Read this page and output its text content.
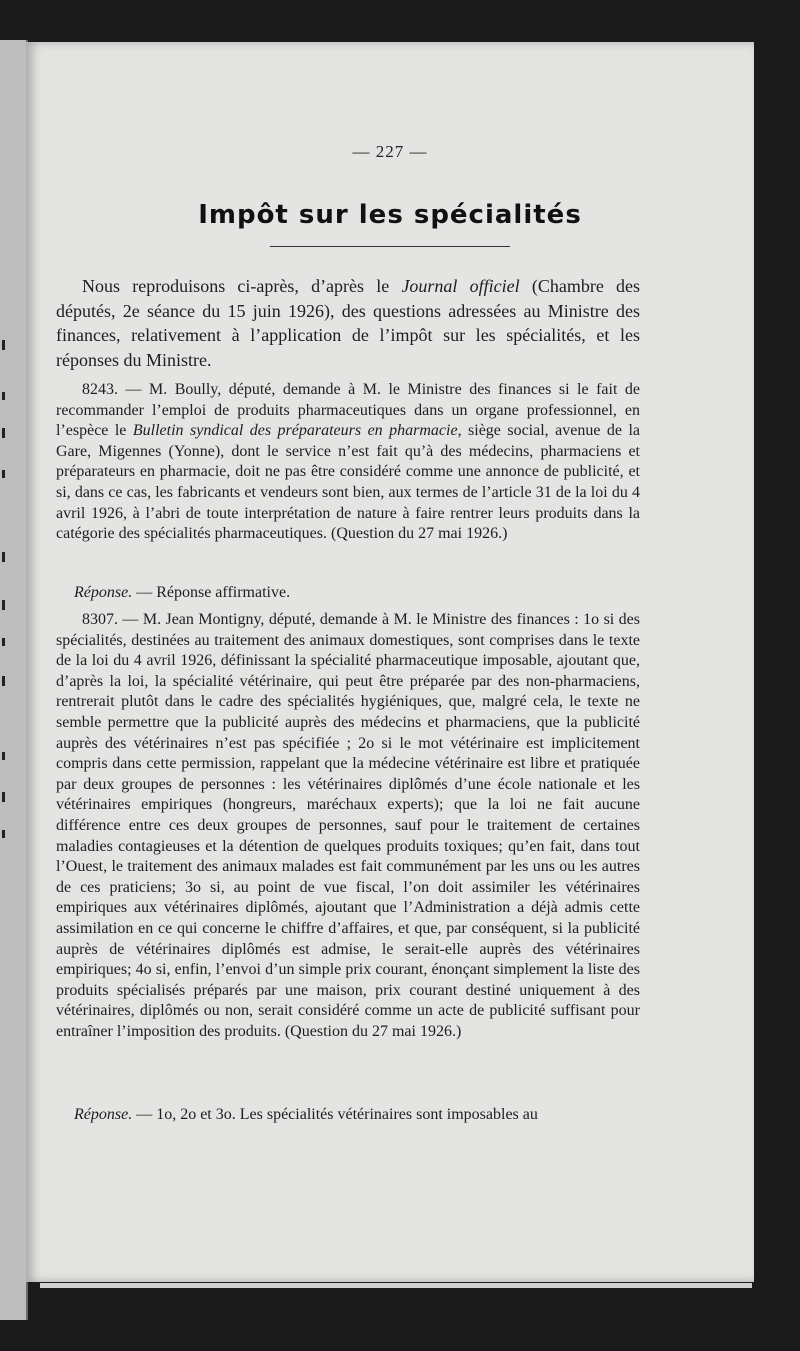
— 227 —
Impôt sur les spécialités

Nous reproduisons ci-après, d’après le Journal officiel (Chambre des députés, 2e séance du 15 juin 1926), des questions adressées au Ministre des finances, relativement à l’application de l’impôt sur les spécialités, et les réponses du Ministre.

8243. — M. Boully, député, demande à M. le Ministre des finances si le fait de recommander l’emploi de produits pharmaceutiques dans un organe professionnel, en l’espèce le Bulletin syndical des préparateurs en pharmacie, siège social, avenue de la Gare, Migennes (Yonne), dont le service n’est fait qu’à des médecins, pharmaciens et préparateurs en pharmacie, doit ne pas être considéré comme une annonce de publicité, et si, dans ce cas, les fabricants et vendeurs sont bien, aux termes de l’article 31 de la loi du 4 avril 1926, à l’abri de toute interprétation de nature à faire rentrer leurs produits dans la catégorie des spécialités pharmaceutiques. (Question du 27 mai 1926.)

Réponse. — Réponse affirmative.

8307. — M. Jean Montigny, député, demande à M. le Ministre des finances : 1o si des spécialités, destinées au traitement des animaux domestiques, sont comprises dans le texte de la loi du 4 avril 1926, définissant la spécialité pharmaceutique imposable, ajoutant que, d’après la loi, la spécialité vétérinaire, qui peut être préparée par des non-pharmaciens, rentrerait plutôt dans le cadre des spécialités hygiéniques, que, malgré cela, le texte ne semble permettre que la publicité auprès des médecins et pharmaciens, que la publicité auprès des vétérinaires n’est pas spécifiée ; 2o si le mot vétérinaire est implicitement compris dans cette permission, rappelant que la médecine vétérinaire est libre et pratiquée par deux groupes de personnes : les vétérinaires diplômés d’une école nationale et les vétérinaires empiriques (hongreurs, maréchaux experts); que la loi ne fait aucune différence entre ces deux groupes de personnes, sauf pour le traitement de certaines maladies contagieuses et la détention de quelques produits toxiques; qu’en fait, dans tout l’Ouest, le traitement des animaux malades est fait communément par les uns ou les autres de ces praticiens; 3o si, au point de vue fiscal, l’on doit assimiler les vétérinaires empiriques aux vétérinaires diplômés, ajoutant que l’Administration a déjà admis cette assimilation en ce qui concerne le chiffre d’affaires, et que, par conséquent, si la publicité auprès de vétérinaires diplômés est admise, le serait-elle auprès des vétérinaires empiriques; 4o si, enfin, l’envoi d’un simple prix courant, énonçant simplement la liste des produits spécialisés préparés par une maison, prix courant destiné uniquement à des vétérinaires, diplômés ou non, serait considéré comme un acte de publicité suffisant pour entraîner l’imposition des produits. (Question du 27 mai 1926.)

Réponse. — 1o, 2o et 3o. Les spécialités vétérinaires sont imposables au
